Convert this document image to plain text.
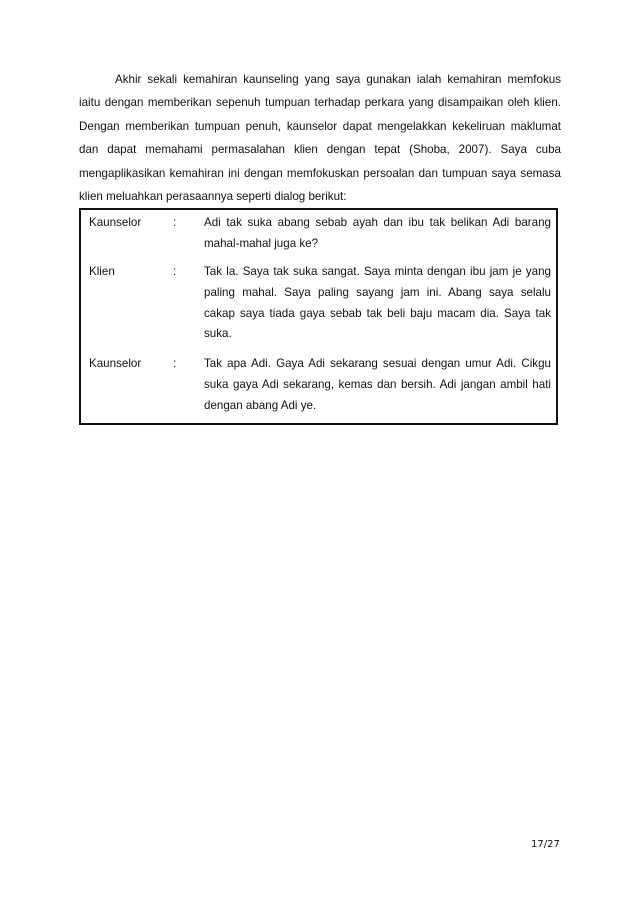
Akhir sekali kemahiran kaunseling yang saya gunakan ialah kemahiran memfokus
iaitu dengan memberikan sepenuh tumpuan terhadap perkara yang disampaikan oleh klien.
Dengan memberikan tumpuan penuh, kaunselor dapat mengelakkan kekeliruan maklumat
dan dapat memahami permasalahan klien dengan tepat (Shoba, 2007). Saya cuba
mengaplikasikan kemahiran ini dengan memfokuskan persoalan dan tumpuan saya semasa
klien meluahkan perasaannya seperti dialog berikut:
Kaunselor	:	Adi tak suka abang sebab ayah dan ibu tak belikan Adi barang
mahal-mahal juga ke?
Klien	:	Tak la. Saya tak suka sangat. Saya minta dengan ibu jam je yang
paling mahal. Saya paling sayang jam ini. Abang saya selalu
cakap saya tiada gaya sebab tak beli baju macam dia. Saya tak
suka.
Kaunselor	:	Tak apa Adi. Gaya Adi sekarang sesuai dengan umur Adi. Cikgu
suka gaya Adi sekarang, kemas dan bersih. Adi jangan ambil hati
dengan abang Adi ye.
17/27
